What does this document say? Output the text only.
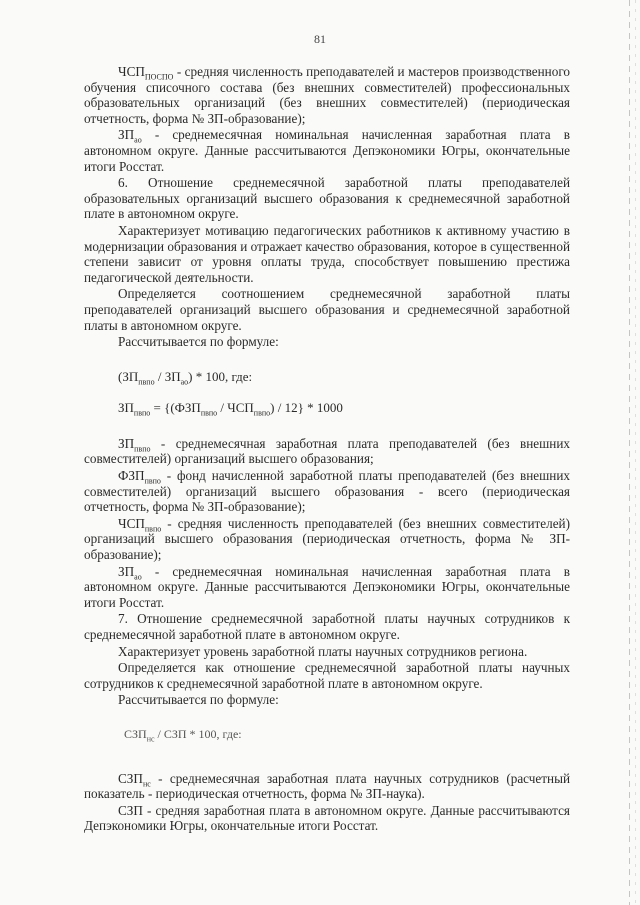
81

$ЧСП_{ПОСПО}$ - средняя численность преподавателей и мастеров производственного обучения списочного состава (без внешних совместителей) профессиональных образовательных организаций (без внешних совместителей) (периодическая отчетность, форма № ЗП-образование);

$ЗП_{ао}$ - среднемесячная номинальная начисленная заработная плата в автономном округе. Данные рассчитываются Депэкономики Югры, окончательные итоги Росстат.

6. Отношение среднемесячной заработной платы преподавателей образовательных организаций высшего образования к среднемесячной заработной плате в автономном округе.

Характеризует мотивацию педагогических работников к активному участию в модернизации образования и отражает качество образования, которое в существенной степени зависит от уровня оплаты труда, способствует повышению престижа педагогической деятельности.

Определяется соотношением среднемесячной заработной платы преподавателей организаций высшего образования и среднемесячной заработной платы в автономном округе.

Рассчитывается по формуле:

$(ЗП_{пвпо} / ЗП_{ао}) * 100$, где:
$ЗП_{пвпо} = \{(ФЗП_{пвпо} / ЧСП_{пвпо}) / 12\} * 1000$

$ЗП_{пвпо}$ - среднемесячная заработная плата преподавателей (без внешних совместителей) организаций высшего образования;

$ФЗП_{пвпо}$ - фонд начисленной заработной платы преподавателей (без внешних совместителей) организаций высшего образования - всего (периодическая отчетность, форма № ЗП-образование);

$ЧСП_{пвпо}$ - средняя численность преподавателей (без внешних совместителей) организаций высшего образования (периодическая отчетность, форма № ЗП-образование);

$ЗП_{ао}$ - среднемесячная номинальная начисленная заработная плата в автономном округе. Данные рассчитываются Депэкономики Югры, окончательные итоги Росстат.

7. Отношение среднемесячной заработной платы научных сотрудников к среднемесячной заработной плате в автономном округе.

Характеризует уровень заработной платы научных сотрудников региона.

Определяется как отношение среднемесячной заработной платы научных сотрудников к среднемесячной заработной плате в автономном округе.

Рассчитывается по формуле:

$СЗП_{нс}$ / СЗП * 100, где:

$СЗП_{нс}$ - среднемесячная заработная плата научных сотрудников (расчетный показатель - периодическая отчетность, форма № ЗП-наука).

СЗП - средняя заработная плата в автономном округе. Данные рассчитываются Депэкономики Югры, окончательные итоги Росстат.
